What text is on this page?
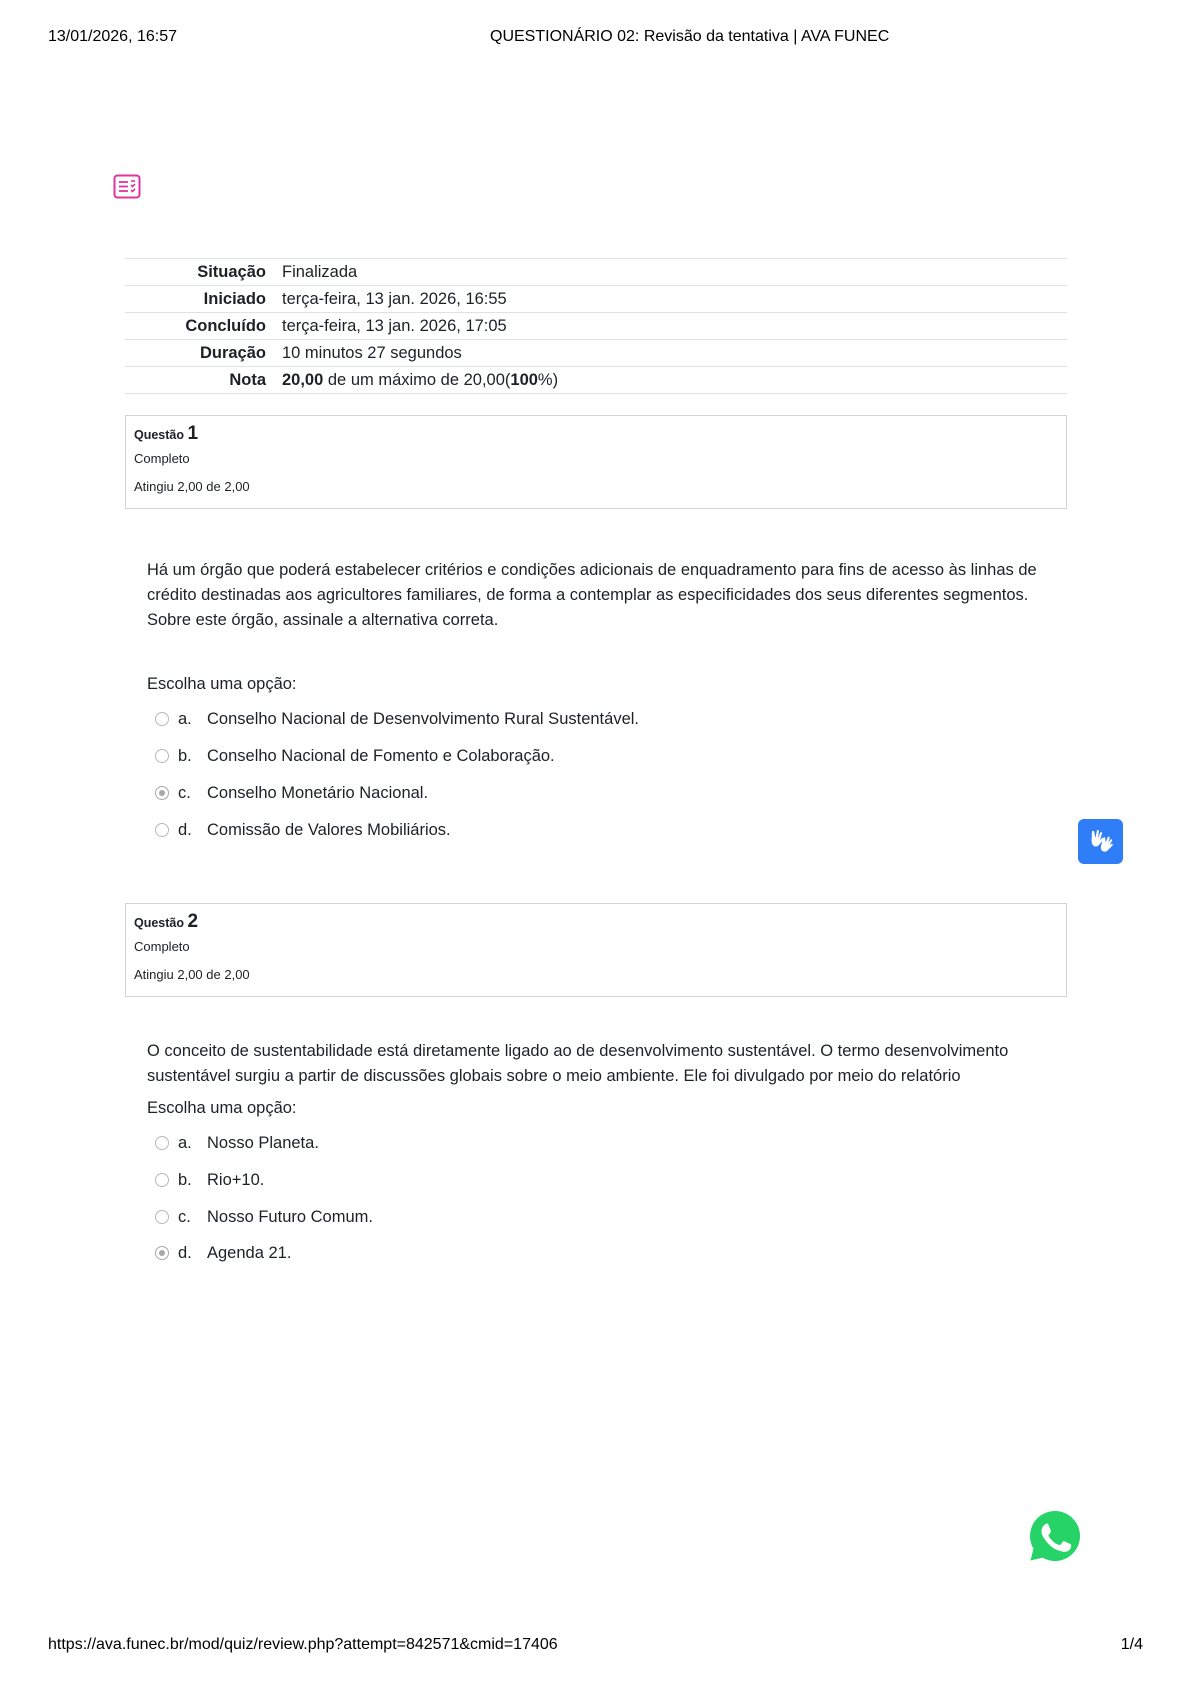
13/01/2026, 16:57	QUESTIONÁRIO 02: Revisão da tentativa | AVA FUNEC
Situação	Finalizada
Iniciado	terça-feira, 13 jan. 2026, 16:55
Concluído	terça-feira, 13 jan. 2026, 17:05
Duração	10 minutos 27 segundos
Nota	20,00 de um máximo de 20,00(100%)
Questão 1
Completo
Atingiu 2,00 de 2,00
Há um órgão que poderá estabelecer critérios e condições adicionais de enquadramento para fins de acesso às linhas de crédito destinadas aos agricultores familiares, de forma a contemplar as especificidades dos seus diferentes segmentos. Sobre este órgão, assinale a alternativa correta.
Escolha uma opção:
a. Conselho Nacional de Desenvolvimento Rural Sustentável.
b. Conselho Nacional de Fomento e Colaboração.
c. Conselho Monetário Nacional.
d. Comissão de Valores Mobiliários.
Questão 2
Completo
Atingiu 2,00 de 2,00
O conceito de sustentabilidade está diretamente ligado ao de desenvolvimento sustentável. O termo desenvolvimento sustentável surgiu a partir de discussões globais sobre o meio ambiente. Ele foi divulgado por meio do relatório
Escolha uma opção:
a. Nosso Planeta.
b. Rio+10.
c. Nosso Futuro Comum.
d. Agenda 21.
https://ava.funec.br/mod/quiz/review.php?attempt=842571&cmid=17406	1/4
